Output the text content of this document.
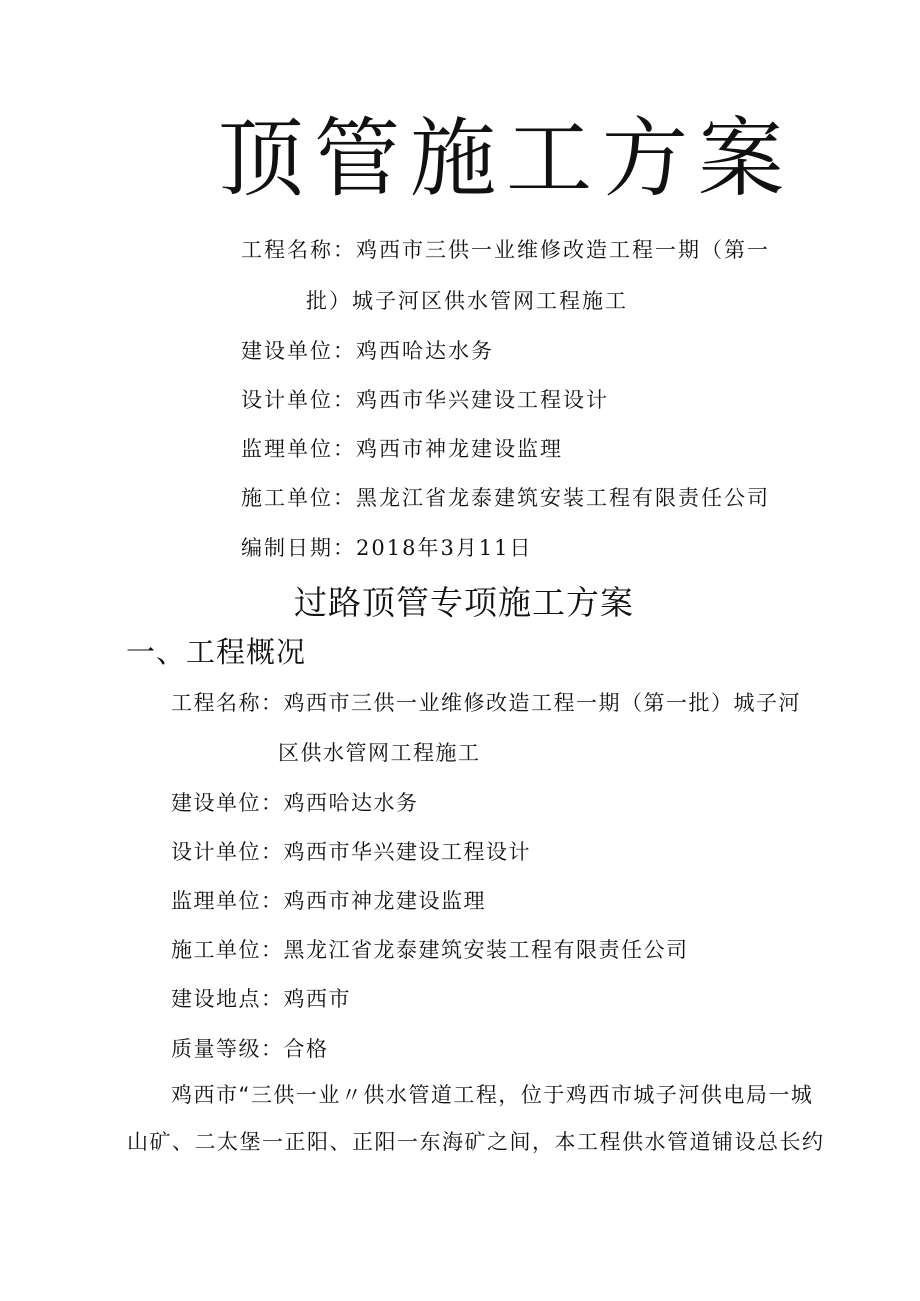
顶管施工方案
工程名称：鸡西市三供一业维修改造工程一期（第一
批）城子河区供水管网工程施工
建设单位：鸡西哈达水务
设计单位：鸡西市华兴建设工程设计
监理单位：鸡西市神龙建设监理
施工单位：黑龙江省龙泰建筑安装工程有限责任公司
编制日期：2018年3月11日
过路顶管专项施工方案
一、工程概况
工程名称：鸡西市三供一业维修改造工程一期（第一批）城子河
区供水管网工程施工
建设单位：鸡西哈达水务
设计单位：鸡西市华兴建设工程设计
监理单位：鸡西市神龙建设监理
施工单位：黑龙江省龙泰建筑安装工程有限责任公司
建设地点：鸡西市
质量等级：合格
鸡西市“三供一业〃供水管道工程，位于鸡西市城子河供电局一城
山矿、二太堡一正阳、正阳一东海矿之间，本工程供水管道铺设总长约
